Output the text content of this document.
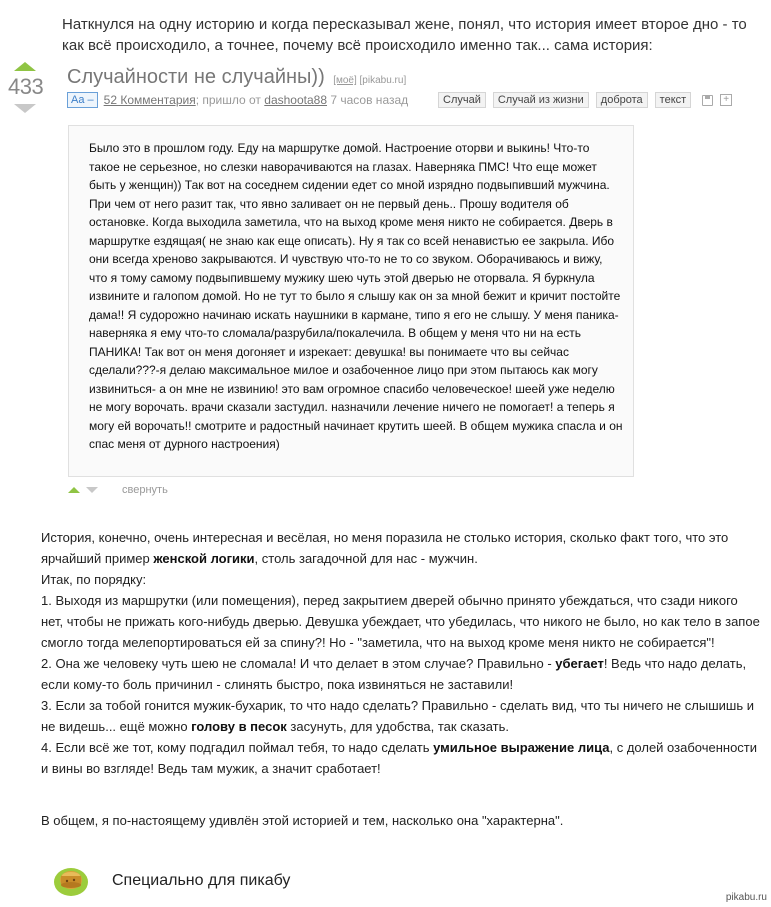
Наткнулся на одну историю и когда пересказывал жене, понял, что история имеет второе дно - то как всё происходило, а точнее, почему всё происходило именно так... сама история:
433 Случайности не случайны)) [моё] [pikabu.ru]
Aa – 52 Комментария ; пришло от
dashoota88
7 часов назад	Случай	Случай из жизни	доброта	текст	+
Было это в прошлом году. Еду на маршрутке домой. Настроение оторви и выкинь! Что-то такое не серьезное, но слезки наворачиваются на глазах. Наверняка ПМС! Что еще может быть у женщин)) Так вот на соседнем сидении едет со мной изрядно подвыпивший мужчина. При чем от него разит так, что явно заливает он не первый день.. Прошу водителя об остановке. Когда выходила заметила, что на выход кроме меня никто не собирается. Дверь в маршрутке ездящая( не знаю как еще описать). Ну я так со всей ненавистью ее закрыла. Ибо они всегда хреново закрываются. И чувствую что-то не то со звуком. Оборачиваюсь и вижу, что я тому самому подвыпившему мужику шею чуть этой дверью не оторвала. Я буркнула извините и галопом домой. Но не тут то было я слышу как он за мной бежит и кричит постойте дама!! Я судорожно начинаю искать наушники в кармане, типо я его не слышу. У меня паника-наверняка я ему что-то сломала/разрубила/покалечила. В общем у меня что ни на есть ПАНИКА! Так вот он меня догоняет и изрекает: девушка! вы понимаете что вы сейчас сделали???-я делаю максимальное милое и озабоченное лицо при этом пытаюсь как могу извиниться- а он мне не извинию! это вам огромное спасибо человеческое! шеей уже неделю не могу ворочать. врачи сказали застудил. назначили лечение ничего не помогает! а теперь я могу ей ворочать!! смотрите и радостный начинает крутить шеей. В общем мужика спасла и он спас меня от дурного настроения)
свернуть

История, конечно, очень интересная и весёлая, но меня поразила не столько история, сколько факт того, что это ярчайший пример женской логики, столь загадочной для нас - мужчин.

Итак, по порядку:

1. Выходя из маршрутки (или помещения), перед закрытием дверей обычно принято убеждаться, что сзади никого нет, чтобы не прижать кого-нибудь дверью. Девушка убеждает, что убедилась, что никого не было, но как тело в запое смогло тогда мелепортироваться ей за спину?! Но - "заметила, что на выход кроме меня никто не собирается"!

2. Она же человеку чуть шею не сломала! И что делает в этом случае? Правильно - убегает! Ведь что надо делать, если кому-то боль причинил - слинять быстро, пока извиняться не заставили!

3. Если за тобой гонится мужик-бухарик, то что надо сделать? Правильно - сделать вид, что ты ничего не слышишь и не видешь... ещё можно голову в песок засунуть, для удобства, так сказать.

4. Если всё же тот, кому подгадил поймал тебя, то надо сделать умильное выражение лица, с долей озабоченности и вины во взгляде! Ведь там мужик, а значит сработает!

В общем, я по-настоящему удивлён этой историей и тем, насколько она "характерна".
Специально для пикабу
pikabu.ru
